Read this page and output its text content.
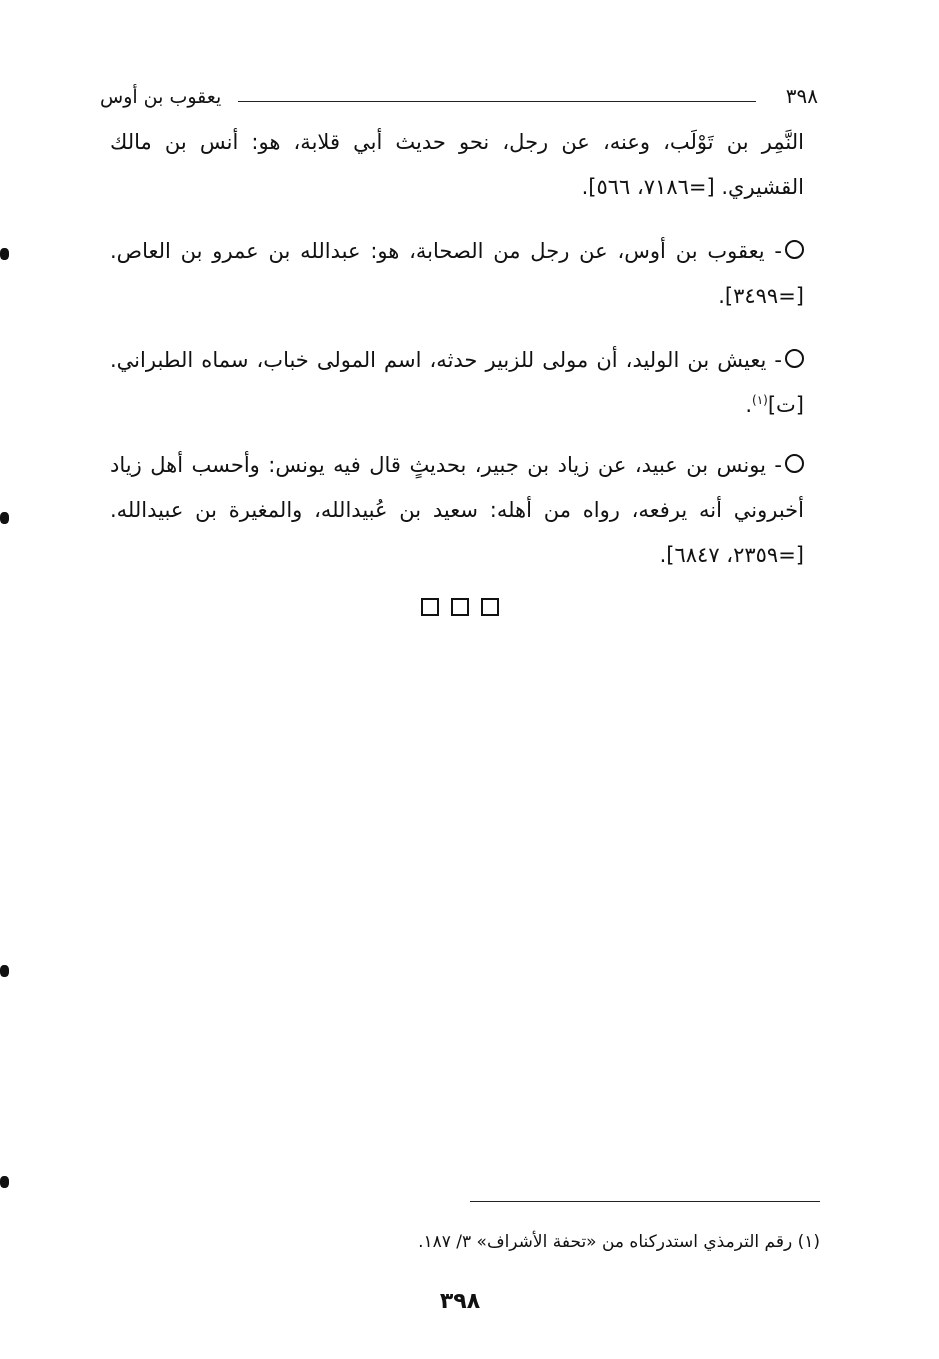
٣٩٨
يعقوب بن أوس
النَّمِر بن تَوْلَب، وعنه، عن رجل، نحو حديث أبي قلابة، هو: أنس بن مالك القشيري. [=٧١٨٦، ٥٦٦].
- يعقوب بن أوس، عن رجل من الصحابة، هو: عبدالله بن عمرو بن العاص. [=٣٤٩٩].
- يعيش بن الوليد، أن مولى للزبير حدثه، اسم المولى خباب، سماه الطبراني. [ت]$^{(١)}$.
- يونس بن عبيد، عن زياد بن جبير، بحديثٍ قال فيه يونس: وأحسب أهل زياد أخبروني أنه يرفعه، رواه من أهله: سعيد بن عُبيدالله، والمغيرة بن عبيدالله. [=٢٣٥٩، ٦٨٤٧].
(١) رقم الترمذي استدركناه من «تحفة الأشراف» ٣/ ١٨٧.
٣٩٨
